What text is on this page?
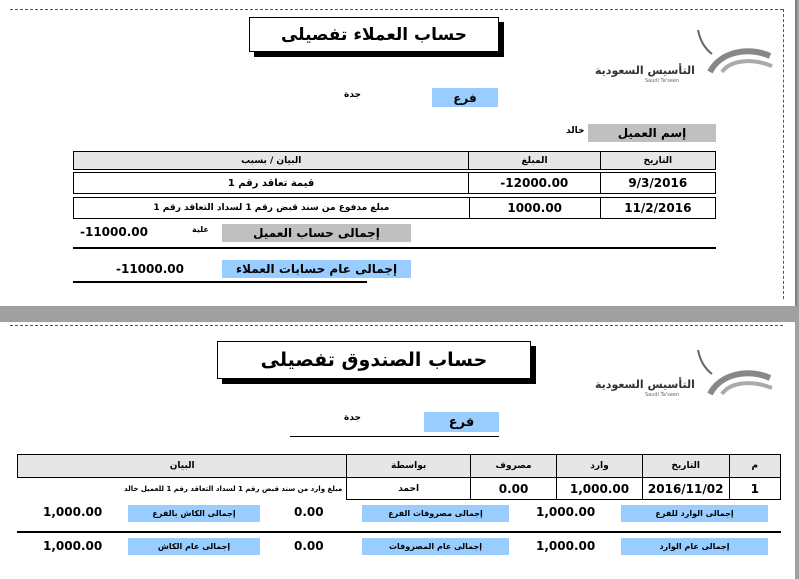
حساب العملاء تفصيلى
التأسيس السعودية
Saudi Ta'seen
فرع
جدة
إسم العميل
خالد
البيان / بسبب	المبلغ	التاريخ
قيمة تعاقد رقم 1	-12000.00	9/3/2016
مبلغ مدفوع من سند قبض رقم 1 لسداد التعاقد رقم 1	1000.00	11/2/2016
إجمالى حساب العميل
علية
-11000.00
إجمالى عام حسابات العملاء
-11000.00
حساب الصندوق تفصيلى
التأسيس السعودية
Saudi Ta'seen
فرع
جدة
البيان	بواسطة	مصروف	وارد	التاريخ	م
مبلغ وارد من سند قبض رقم 1 لسداد التعاقد رقم 1 للعميل خالد	احمد	0.00	1,000.00	2016/11/02	1
إجمالى الوارد للفرع
1,000.00
إجمالى مصروفات الفرع
0.00
إجمالى الكاش بالفرع
1,000.00
إجمالى عام الوارد
1,000.00
إجمالى عام المصروفات
0.00
إجمالى عام الكاش
1,000.00
